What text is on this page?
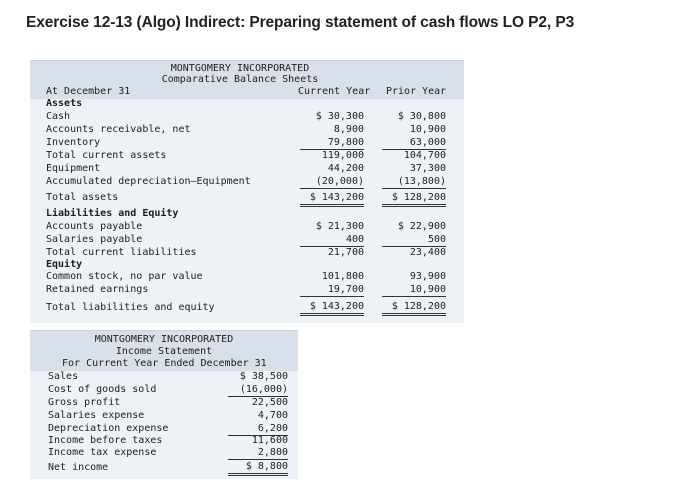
Exercise 12-13 (Algo) Indirect: Preparing statement of cash flows LO P2, P3
MONTGOMERY INCORPORATED
Comparative Balance Sheets
At December 31	Current Year Prior Year
Assets
Cash
Accounts receivable, net
Inventory
Total current assets
Equipment
Accumulated depreciation—Equipment
Total assets
Liabilities and Equity
Accounts payable
Salaries payable
Total current liabilities
Equity
Common stock, no par value
Retained earnings
Total liabilities and equity
$ 30,300
8,900
79,800
119,000
44,200
(20,000)
$ 143,200
$ 21,300
400
21,700
101,800
19,700
$ 143,200
$ 30,800
10,900
63,000
104,700
37,300
(13,800)
$ 128,200
$ 22,900
500
23,400
93,900
10,900
$ 128,200
MONTGOMERY INCORPORATED
Income Statement
For Current Year Ended December 31
Sales
Cost of goods sold
Gross profit
Salaries expense
Depreciation expense
Income before taxes
Income tax expense
Net income
$ 38,500
(16,000)
22,500
4,700
6,200
11,600
2,800
$ 8,800
